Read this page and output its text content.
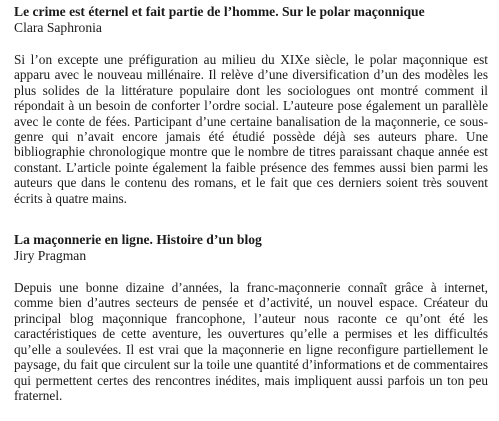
Le crime est éternel et fait partie de l’homme. Sur le polar maçonnique

Clara Saphronia

Si l’on excepte une préfiguration au milieu du XIXe siècle, le polar maçonnique est apparu avec le nouveau millénaire. Il relève d’une diversification d’un des modèles les plus solides de la littérature populaire dont les sociologues ont montré comment il répondait à un besoin de conforter l’ordre social. L’auteure pose également un parallèle avec le conte de fées. Participant d’une certaine banalisation de la maçonnerie, ce sous-genre qui n’avait encore jamais été étudié possède déjà ses auteurs phare. Une bibliographie chronologique montre que le nombre de titres paraissant chaque année est constant. L’article pointe également la faible présence des femmes aussi bien parmi les auteurs que dans le contenu des romans, et le fait que ces derniers soient très souvent écrits à quatre mains.

La maçonnerie en ligne. Histoire d’un blog

Jiry Pragman

Depuis une bonne dizaine d’années, la franc-maçonnerie connaît grâce à internet, comme bien d’autres secteurs de pensée et d’activité, un nouvel espace. Créateur du principal blog maçonnique francophone, l’auteur nous raconte ce qu’ont été les caractéristiques de cette aventure, les ouvertures qu’elle a permises et les difficultés qu’elle a soulevées. Il est vrai que la maçonnerie en ligne reconfigure partiellement le paysage, du fait que circulent sur la toile une quantité d’informations et de commentaires qui permettent certes des rencontres inédites, mais impliquent aussi parfois un ton peu fraternel.
